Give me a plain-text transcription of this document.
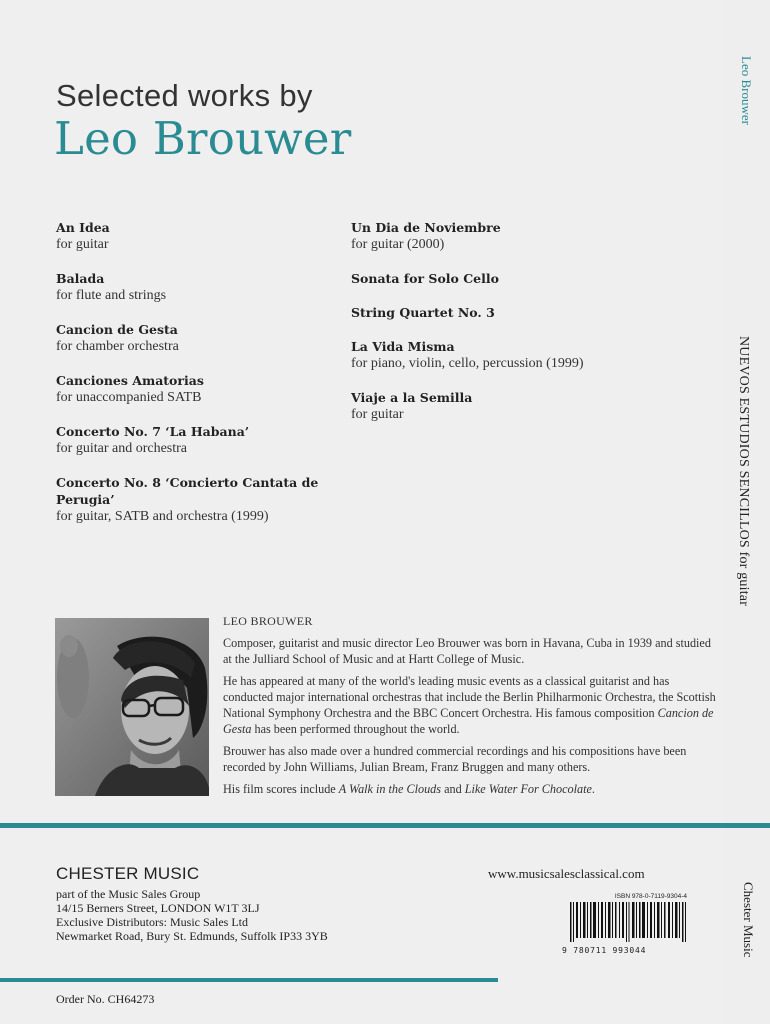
Leo Brouwer
NUEVOS ESTUDIOS SENCILLOS for guitar
Chester Music
Selected works by
Leo Brouwer
An Idea
for guitar
Balada
for flute and strings
Cancion de Gesta
for chamber orchestra
Canciones Amatorias
for unaccompanied SATB
Concerto No. 7 ‘La Habana’
for guitar and orchestra
Concerto No. 8 ‘Concierto Cantata de Perugia’
for guitar, SATB and orchestra (1999)
Un Dia de Noviembre
for guitar (2000)
Sonata for Solo Cello
String Quartet No. 3
La Vida Misma
for piano, violin, cello, percussion (1999)
Viaje a la Semilla
for guitar
LEO BROUWER

Composer, guitarist and music director Leo Brouwer was born in Havana, Cuba in 1939 and studied at the Julliard School of Music and at Hartt College of Music.

He has appeared at many of the world's leading music events as a classical guitarist and has conducted major international orchestras that include the Berlin Philharmonic Orchestra, the Scottish National Symphony Orchestra and the BBC Concert Orchestra. His famous composition Cancion de Gesta has been performed throughout the world.

Brouwer has also made over a hundred commercial recordings and his compositions have been recorded by John Williams, Julian Bream, Franz Bruggen and many others.

His film scores include A Walk in the Clouds and Like Water For Chocolate.

CHESTER MUSIC
part of the Music Sales Group
14/15 Berners Street, LONDON W1T 3LJ
Exclusive Distributors: Music Sales Ltd
Newmarket Road, Bury St. Edmunds, Suffolk IP33 3YB
www.musicsalesclassical.com
ISBN 978-0-7119-9304-4
9 780711 993044
Order No. CH64273
